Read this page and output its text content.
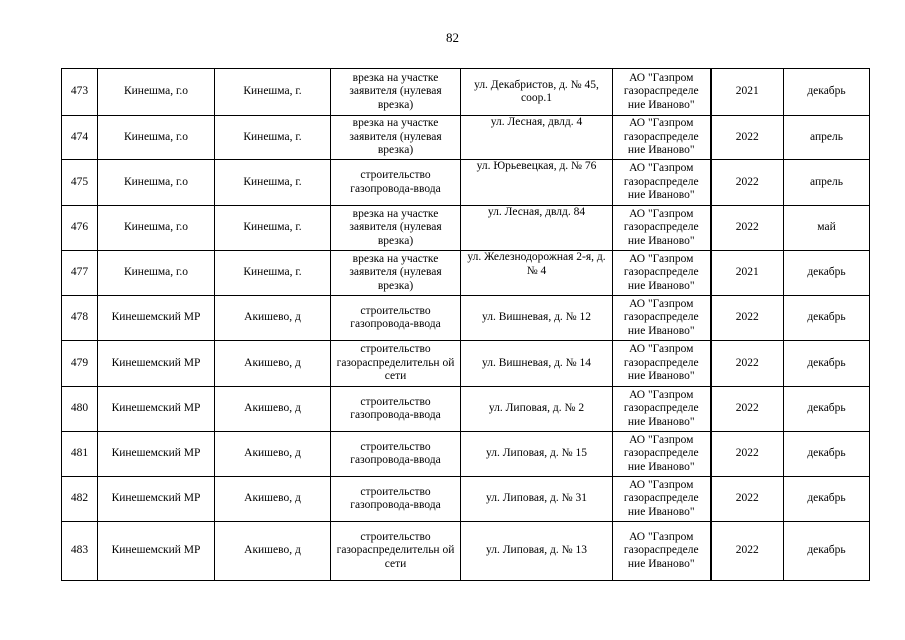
82
473	Кинешма, г.о	Кинешма, г.	врезка на участке заявителя (нулевая врезка)	ул. Декабристов, д. № 45, соор.1	АО "Газпром газораспределе ние Иваново"	2021	декабрь
474	Кинешма, г.о	Кинешма, г.	врезка на участке заявителя (нулевая врезка)	ул. Лесная, двлд. 4	АО "Газпром газораспределе ние Иваново"	2022	апрель
475	Кинешма, г.о	Кинешма, г.	строительство газопровода-ввода	ул. Юрьевецкая, д. № 76	АО "Газпром газораспределе ние Иваново"	2022	апрель
476	Кинешма, г.о	Кинешма, г.	врезка на участке заявителя (нулевая врезка)	ул. Лесная, двлд. 84	АО "Газпром газораспределе ние Иваново"	2022	май
477	Кинешма, г.о	Кинешма, г.	врезка на участке заявителя (нулевая врезка)	ул. Железнодорожная 2-я, д. № 4	АО "Газпром газораспределе ние Иваново"	2021	декабрь
478	Кинешемский МР	Акишево, д	строительство газопровода-ввода	ул. Вишневая, д. № 12	АО "Газпром газораспределе ние Иваново"	2022	декабрь
479	Кинешемский МР	Акишево, д	строительство газораспределительн ой сети	ул. Вишневая, д. № 14	АО "Газпром газораспределе ние Иваново"	2022	декабрь
480	Кинешемский МР	Акишево, д	строительство газопровода-ввода	ул. Липовая, д. № 2	АО "Газпром газораспределе ние Иваново"	2022	декабрь
481	Кинешемский МР	Акишево, д	строительство газопровода-ввода	ул. Липовая, д. № 15	АО "Газпром газораспределе ние Иваново"	2022	декабрь
482	Кинешемский МР	Акишево, д	строительство газопровода-ввода	ул. Липовая, д. № 31	АО "Газпром газораспределе ние Иваново"	2022	декабрь
483	Кинешемский МР	Акишево, д	строительство газораспределительн ой сети	ул. Липовая, д. № 13	АО "Газпром газораспределе ние Иваново"	2022	декабрь
